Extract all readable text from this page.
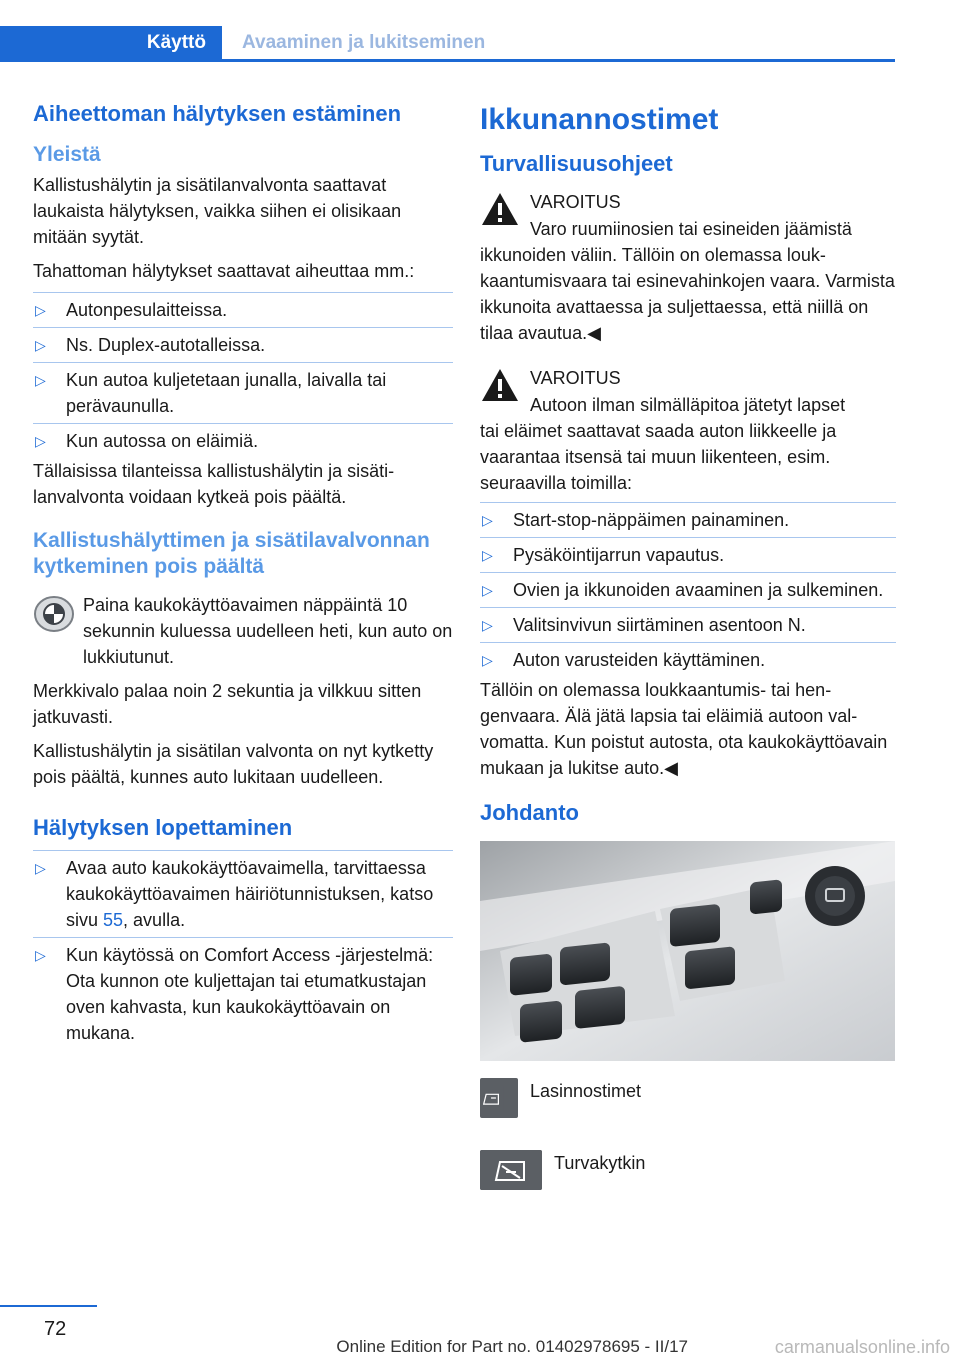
Käyttö	Avaaminen ja lukitseminen
Aiheettoman hälytyksen estäminen
Yleistä

Kallistushälytin ja sisätilanvalvonta saattavat laukaista hälytyksen, vaikka siihen ei olisikaan mitään syytät.

Tahattoman hälytykset saattavat aiheuttaa mm.:

▷ Autonpesulaitteissa.
▷ Ns. Duplex-autotalleissa.
▷ Kun autoa kuljetetaan junalla, laivalla tai perävaunulla.
▷ Kun autossa on eläimiä.

Tällaisissa tilanteissa kallistushälytin ja sisätilanvalvonta voidaan kytkeä pois päältä.

Kallistushälyttimen ja sisätilavalvonnan kytkeminen pois päältä

Paina kaukokäyttöavaimen näppäintä 10 sekunnin kuluessa uudelleen heti, kun auto on lukkiutunut.

Merkkivalo palaa noin 2 sekuntia ja vilkkuu sitten jatkuvasti.

Kallistushälytin ja sisätilan valvonta on nyt kytketty pois päältä, kunnes auto lukitaan uudelleen.

Hälytyksen lopettaminen
▷ Avaa auto kaukokäyttöavaimella, tarvittaessa kaukokäyttöavaimen häiriötunnistuksen, katso sivu 55, avulla.
▷ Kun käytössä on Comfort Access -järjestelmä: Ota kunnon ote kuljettajan tai etumatkustajan oven kahvasta, kun kaukokäyttöavain on mukana.
Ikkunannostimet
Turvallisuusohjeet

VAROITUS

Varo ruumiinosien tai esineiden jäämistä

ikkunoiden väliin. Tällöin on olemassa loukkaantumisvaara tai esinevahinkojen vaara. Varmista ikkunoita avattaessa ja suljettaessa, että niillä on tilaa avautua.◀

VAROITUS

Autoon ilman silmälläpitoa jätetyt lapset

tai eläimet saattavat saada auton liikkeelle ja vaarantaa itsensä tai muun liikenteen, esim. seuraavilla toimilla:

▷ Start-stop-näppäimen painaminen.
▷ Pysäköintijarrun vapautus.
▷ Ovien ja ikkunoiden avaaminen ja sulkeminen.
▷ Valitsinvivun siirtäminen asentoon N.
▷ Auton varusteiden käyttäminen.

Tällöin on olemassa loukkaantumis- tai hengenvaara. Älä jätä lapsia tai eläimiä autoon valvomatta. Kun poistut autosta, ota kaukokäyttöavain mukaan ja lukitse auto.◀

Johdanto
Lasinnostimet
Turvakytkin
72
Online Edition for Part no. 01402978695 - II/17	carmanualsonline.info
